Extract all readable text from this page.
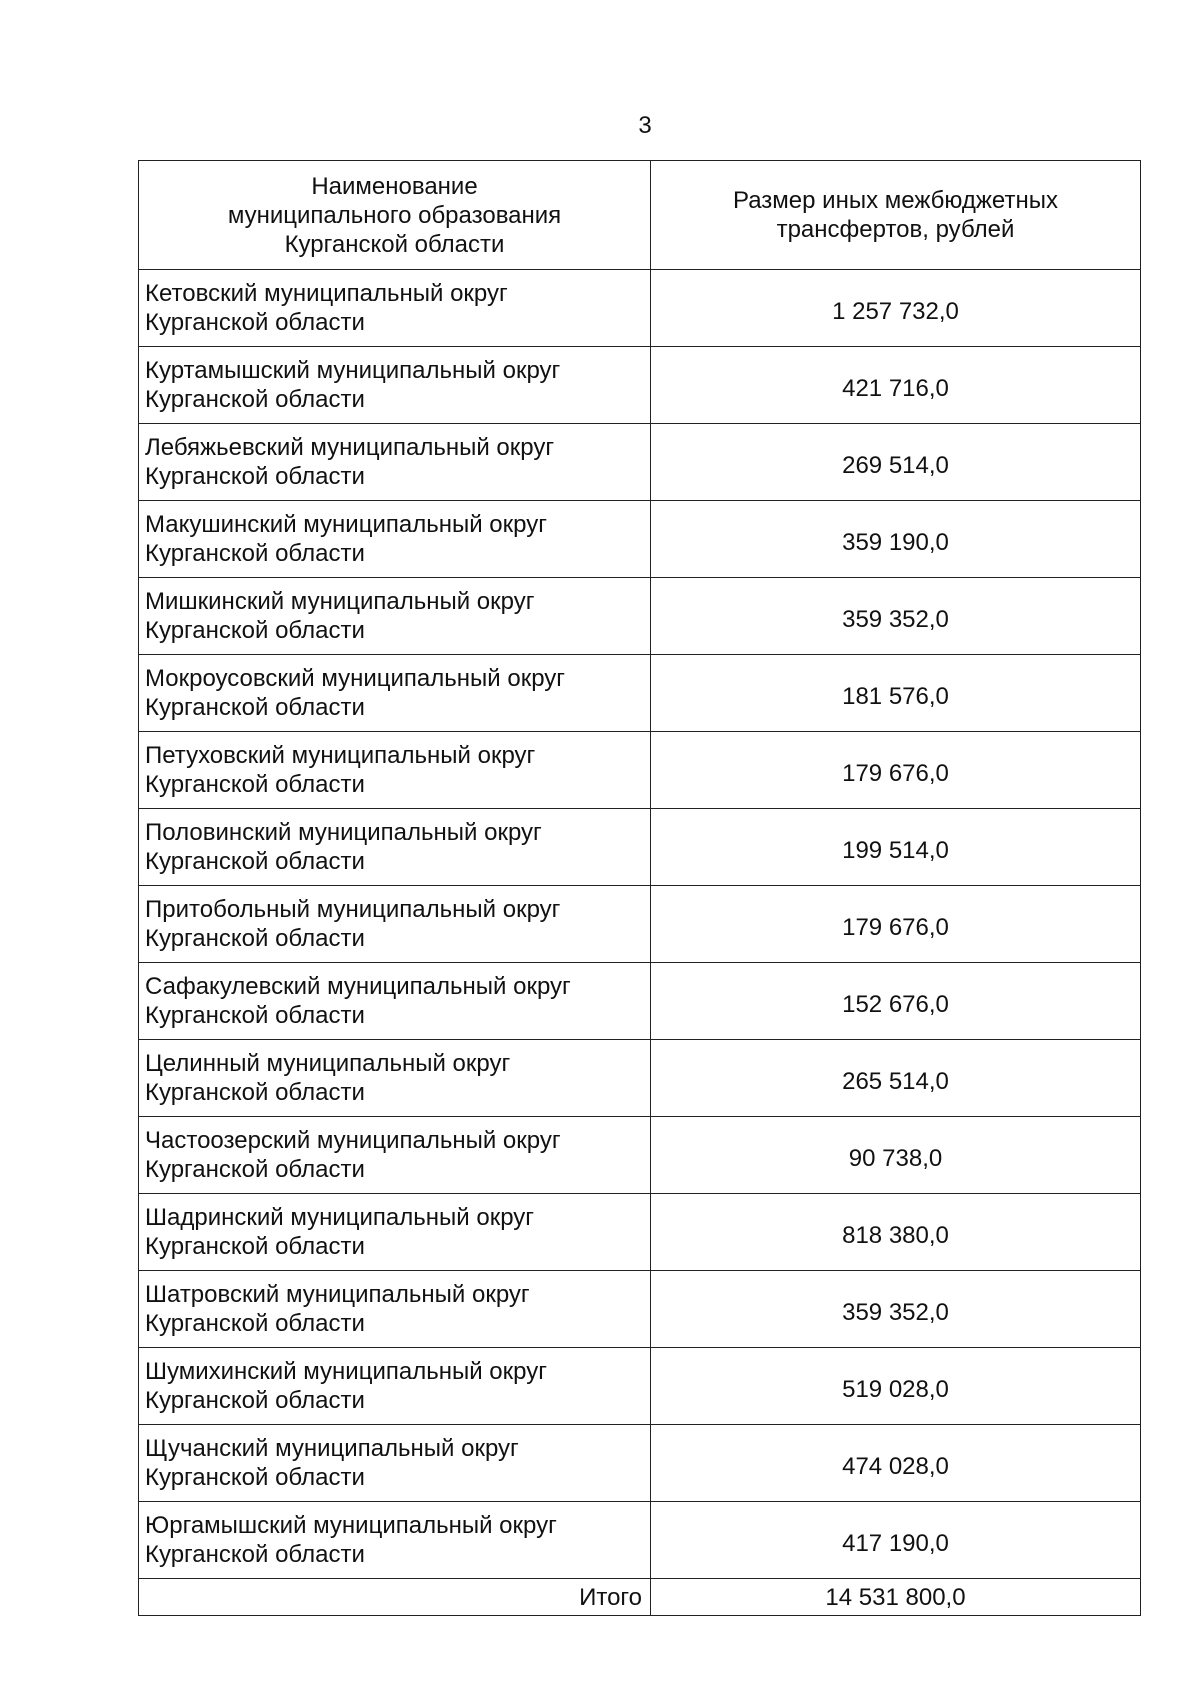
3
Наименование
муниципального образования
Курганской области	Размер иных межбюджетных
трансфертов, рублей

Кетовский муниципальный округ
Курганской области	1 257 732,0

Куртамышский муниципальный округ
Курганской области	421 716,0

Лебяжьевский муниципальный округ
Курганской области	269 514,0

Макушинский муниципальный округ
Курганской области	359 190,0

Мишкинский муниципальный округ
Курганской области	359 352,0

Мокроусовский муниципальный округ
Курганской области	181 576,0

Петуховский муниципальный округ
Курганской области	179 676,0

Половинский муниципальный округ
Курганской области	199 514,0

Притобольный муниципальный округ
Курганской области	179 676,0

Сафакулевский муниципальный округ
Курганской области	152 676,0

Целинный муниципальный округ
Курганской области	265 514,0

Частоозерский муниципальный округ
Курганской области	90 738,0

Шадринский муниципальный округ
Курганской области	818 380,0

Шатровский муниципальный округ
Курганской области	359 352,0

Шумихинский муниципальный округ
Курганской области	519 028,0

Щучанский муниципальный округ
Курганской области	474 028,0

Юргамышский муниципальный округ
Курганской области	417 190,0
Итого	14 531 800,0
